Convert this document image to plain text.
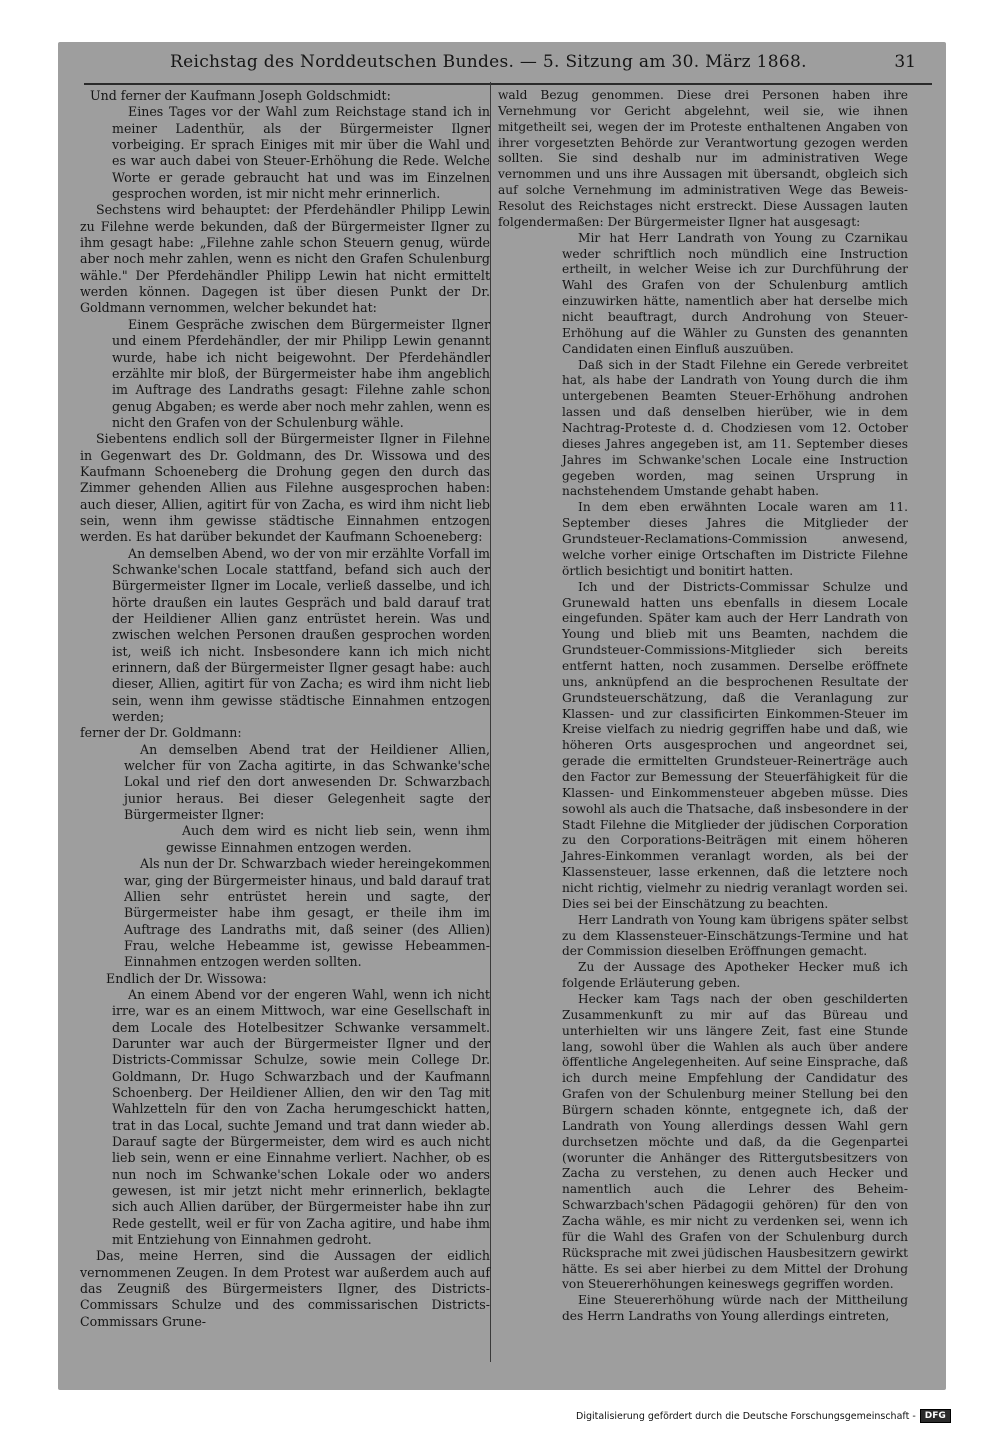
Reichstag des Norddeutschen Bundes. — 5. Sitzung am 30. März 1868.	31

Und ferner der Kaufmann Joseph Goldschmidt:

Eines Tages vor der Wahl zum Reichstage stand ich in meiner Ladenthür, als der Bürgermeister Ilgner vorbeiging. Er sprach Einiges mit mir über die Wahl und es war auch dabei von Steuer-Erhöhung die Rede. Welche Worte er gerade gebraucht hat und was im Einzelnen gesprochen worden, ist mir nicht mehr erinnerlich.

Sechstens wird behauptet: der Pferdehändler Philipp Lewin zu Filehne werde bekunden, daß der Bürgermeister Ilgner zu ihm gesagt habe: „Filehne zahle schon Steuern genug, würde aber noch mehr zahlen, wenn es nicht den Grafen Schulenburg wähle." Der Pferdehändler Philipp Lewin hat nicht ermittelt werden können. Dagegen ist über diesen Punkt der Dr. Goldmann vernommen, welcher bekundet hat:

Einem Gespräche zwischen dem Bürgermeister Ilgner und einem Pferdehändler, der mir Philipp Lewin genannt wurde, habe ich nicht beigewohnt. Der Pferdehändler erzählte mir bloß, der Bürgermeister habe ihm angeblich im Auftrage des Landraths gesagt: Filehne zahle schon genug Abgaben; es werde aber noch mehr zahlen, wenn es nicht den Grafen von der Schulenburg wähle.

Siebentens endlich soll der Bürgermeister Ilgner in Filehne in Gegenwart des Dr. Goldmann, des Dr. Wissowa und des Kaufmann Schoeneberg die Drohung gegen den durch das Zimmer gehenden Allien aus Filehne ausgesprochen haben: auch dieser, Allien, agitirt für von Zacha, es wird ihm nicht lieb sein, wenn ihm gewisse städtische Einnahmen entzogen werden. Es hat darüber bekundet der Kaufmann Schoeneberg:

An demselben Abend, wo der von mir erzählte Vorfall im Schwanke'schen Locale stattfand, befand sich auch der Bürgermeister Ilgner im Locale, verließ dasselbe, und ich hörte draußen ein lautes Gespräch und bald darauf trat der Heildiener Allien ganz entrüstet herein. Was und zwischen welchen Personen draußen gesprochen worden ist, weiß ich nicht. Insbesondere kann ich mich nicht erinnern, daß der Bürgermeister Ilgner gesagt habe: auch dieser, Allien, agitirt für von Zacha; es wird ihm nicht lieb sein, wenn ihm gewisse städtische Einnahmen entzogen werden;

ferner der Dr. Goldmann:

An demselben Abend trat der Heildiener Allien, welcher für von Zacha agitirte, in das Schwanke'sche Lokal und rief den dort anwesenden Dr. Schwarzbach junior heraus. Bei dieser Gelegenheit sagte der Bürgermeister Ilgner:

Auch dem wird es nicht lieb sein, wenn ihm gewisse Einnahmen entzogen werden.

Als nun der Dr. Schwarzbach wieder hereingekommen war, ging der Bürgermeister hinaus, und bald darauf trat Allien sehr entrüstet herein und sagte, der Bürgermeister habe ihm gesagt, er theile ihm im Auftrage des Landraths mit, daß seiner (des Allien) Frau, welche Hebeamme ist, gewisse Hebeammen-Einnahmen entzogen werden sollten.

Endlich der Dr. Wissowa:

An einem Abend vor der engeren Wahl, wenn ich nicht irre, war es an einem Mittwoch, war eine Gesellschaft in dem Locale des Hotelbesitzer Schwanke versammelt. Darunter war auch der Bürgermeister Ilgner und der Districts-Commissar Schulze, sowie mein College Dr. Goldmann, Dr. Hugo Schwarzbach und der Kaufmann Schoenberg. Der Heildiener Allien, den wir den Tag mit Wahlzetteln für den von Zacha herumgeschickt hatten, trat in das Local, suchte Jemand und trat dann wieder ab. Darauf sagte der Bürgermeister, dem wird es auch nicht lieb sein, wenn er eine Einnahme verliert. Nachher, ob es nun noch im Schwanke'schen Lokale oder wo anders gewesen, ist mir jetzt nicht mehr erinnerlich, beklagte sich auch Allien darüber, der Bürgermeister habe ihn zur Rede gestellt, weil er für von Zacha agitire, und habe ihm mit Entziehung von Einnahmen gedroht.

Das, meine Herren, sind die Aussagen der eidlich vernommenen Zeugen. In dem Protest war außerdem auch auf das Zeugniß des Bürgermeisters Ilgner, des Districts-Commissars Schulze und des commissarischen Districts-Commissars Grune-

wald Bezug genommen. Diese drei Personen haben ihre Vernehmung vor Gericht abgelehnt, weil sie, wie ihnen mitgetheilt sei, wegen der im Proteste enthaltenen Angaben von ihrer vorgesetzten Behörde zur Verantwortung gezogen werden sollten. Sie sind deshalb nur im administrativen Wege vernommen und uns ihre Aussagen mit übersandt, obgleich sich auf solche Vernehmung im administrativen Wege das Beweis-Resolut des Reichstages nicht erstreckt. Diese Aussagen lauten folgendermaßen: Der Bürgermeister Ilgner hat ausgesagt:

Mir hat Herr Landrath von Young zu Czarnikau weder schriftlich noch mündlich eine Instruction ertheilt, in welcher Weise ich zur Durchführung der Wahl des Grafen von der Schulenburg amtlich einzuwirken hätte, namentlich aber hat derselbe mich nicht beauftragt, durch Androhung von Steuer-Erhöhung auf die Wähler zu Gunsten des genannten Candidaten einen Einfluß auszuüben.

Daß sich in der Stadt Filehne ein Gerede verbreitet hat, als habe der Landrath von Young durch die ihm untergebenen Beamten Steuer-Erhöhung androhen lassen und daß denselben hierüber, wie in dem Nachtrag-Proteste d. d. Chodziesen vom 12. October dieses Jahres angegeben ist, am 11. September dieses Jahres im Schwanke'schen Locale eine Instruction gegeben worden, mag seinen Ursprung in nachstehendem Umstande gehabt haben.

In dem eben erwähnten Locale waren am 11. September dieses Jahres die Mitglieder der Grundsteuer-Reclamations-Commission anwesend, welche vorher einige Ortschaften im Districte Filehne örtlich besichtigt und bonitirt hatten.

Ich und der Districts-Commissar Schulze und Grunewald hatten uns ebenfalls in diesem Locale eingefunden. Später kam auch der Herr Landrath von Young und blieb mit uns Beamten, nachdem die Grundsteuer-Commissions-Mitglieder sich bereits entfernt hatten, noch zusammen. Derselbe eröffnete uns, anknüpfend an die besprochenen Resultate der Grundsteuerschätzung, daß die Veranlagung zur Klassen- und zur classificirten Einkommen-Steuer im Kreise vielfach zu niedrig gegriffen habe und daß, wie höheren Orts ausgesprochen und angeordnet sei, gerade die ermittelten Grundsteuer-Reinerträge auch den Factor zur Bemessung der Steuerfähigkeit für die Klassen- und Einkommensteuer abgeben müsse. Dies sowohl als auch die Thatsache, daß insbesondere in der Stadt Filehne die Mitglieder der jüdischen Corporation zu den Corporations-Beiträgen mit einem höheren Jahres-Einkommen veranlagt worden, als bei der Klassensteuer, lasse erkennen, daß die letztere noch nicht richtig, vielmehr zu niedrig veranlagt worden sei. Dies sei bei der Einschätzung zu beachten.

Herr Landrath von Young kam übrigens später selbst zu dem Klassensteuer-Einschätzungs-Termine und hat der Commission dieselben Eröffnungen gemacht.

Zu der Aussage des Apotheker Hecker muß ich folgende Erläuterung geben.

Hecker kam Tags nach der oben geschilderten Zusammenkunft zu mir auf das Büreau und unterhielten wir uns längere Zeit, fast eine Stunde lang, sowohl über die Wahlen als auch über andere öffentliche Angelegenheiten. Auf seine Einsprache, daß ich durch meine Empfehlung der Candidatur des Grafen von der Schulenburg meiner Stellung bei den Bürgern schaden könnte, entgegnete ich, daß der Landrath von Young allerdings dessen Wahl gern durchsetzen möchte und daß, da die Gegenpartei (worunter die Anhänger des Rittergutsbesitzers von Zacha zu verstehen, zu denen auch Hecker und namentlich auch die Lehrer des Beheim-Schwarzbach'schen Pädagogii gehören) für den von Zacha wähle, es mir nicht zu verdenken sei, wenn ich für die Wahl des Grafen von der Schulenburg durch Rücksprache mit zwei jüdischen Hausbesitzern gewirkt hätte. Es sei aber hierbei zu dem Mittel der Drohung von Steuererhöhungen keineswegs gegriffen worden.

Eine Steuererhöhung würde nach der Mittheilung des Herrn Landraths von Young allerdings eintreten,

Digitalisierung gefördert durch die Deutsche Forschungsgemeinschaft -	DFG
